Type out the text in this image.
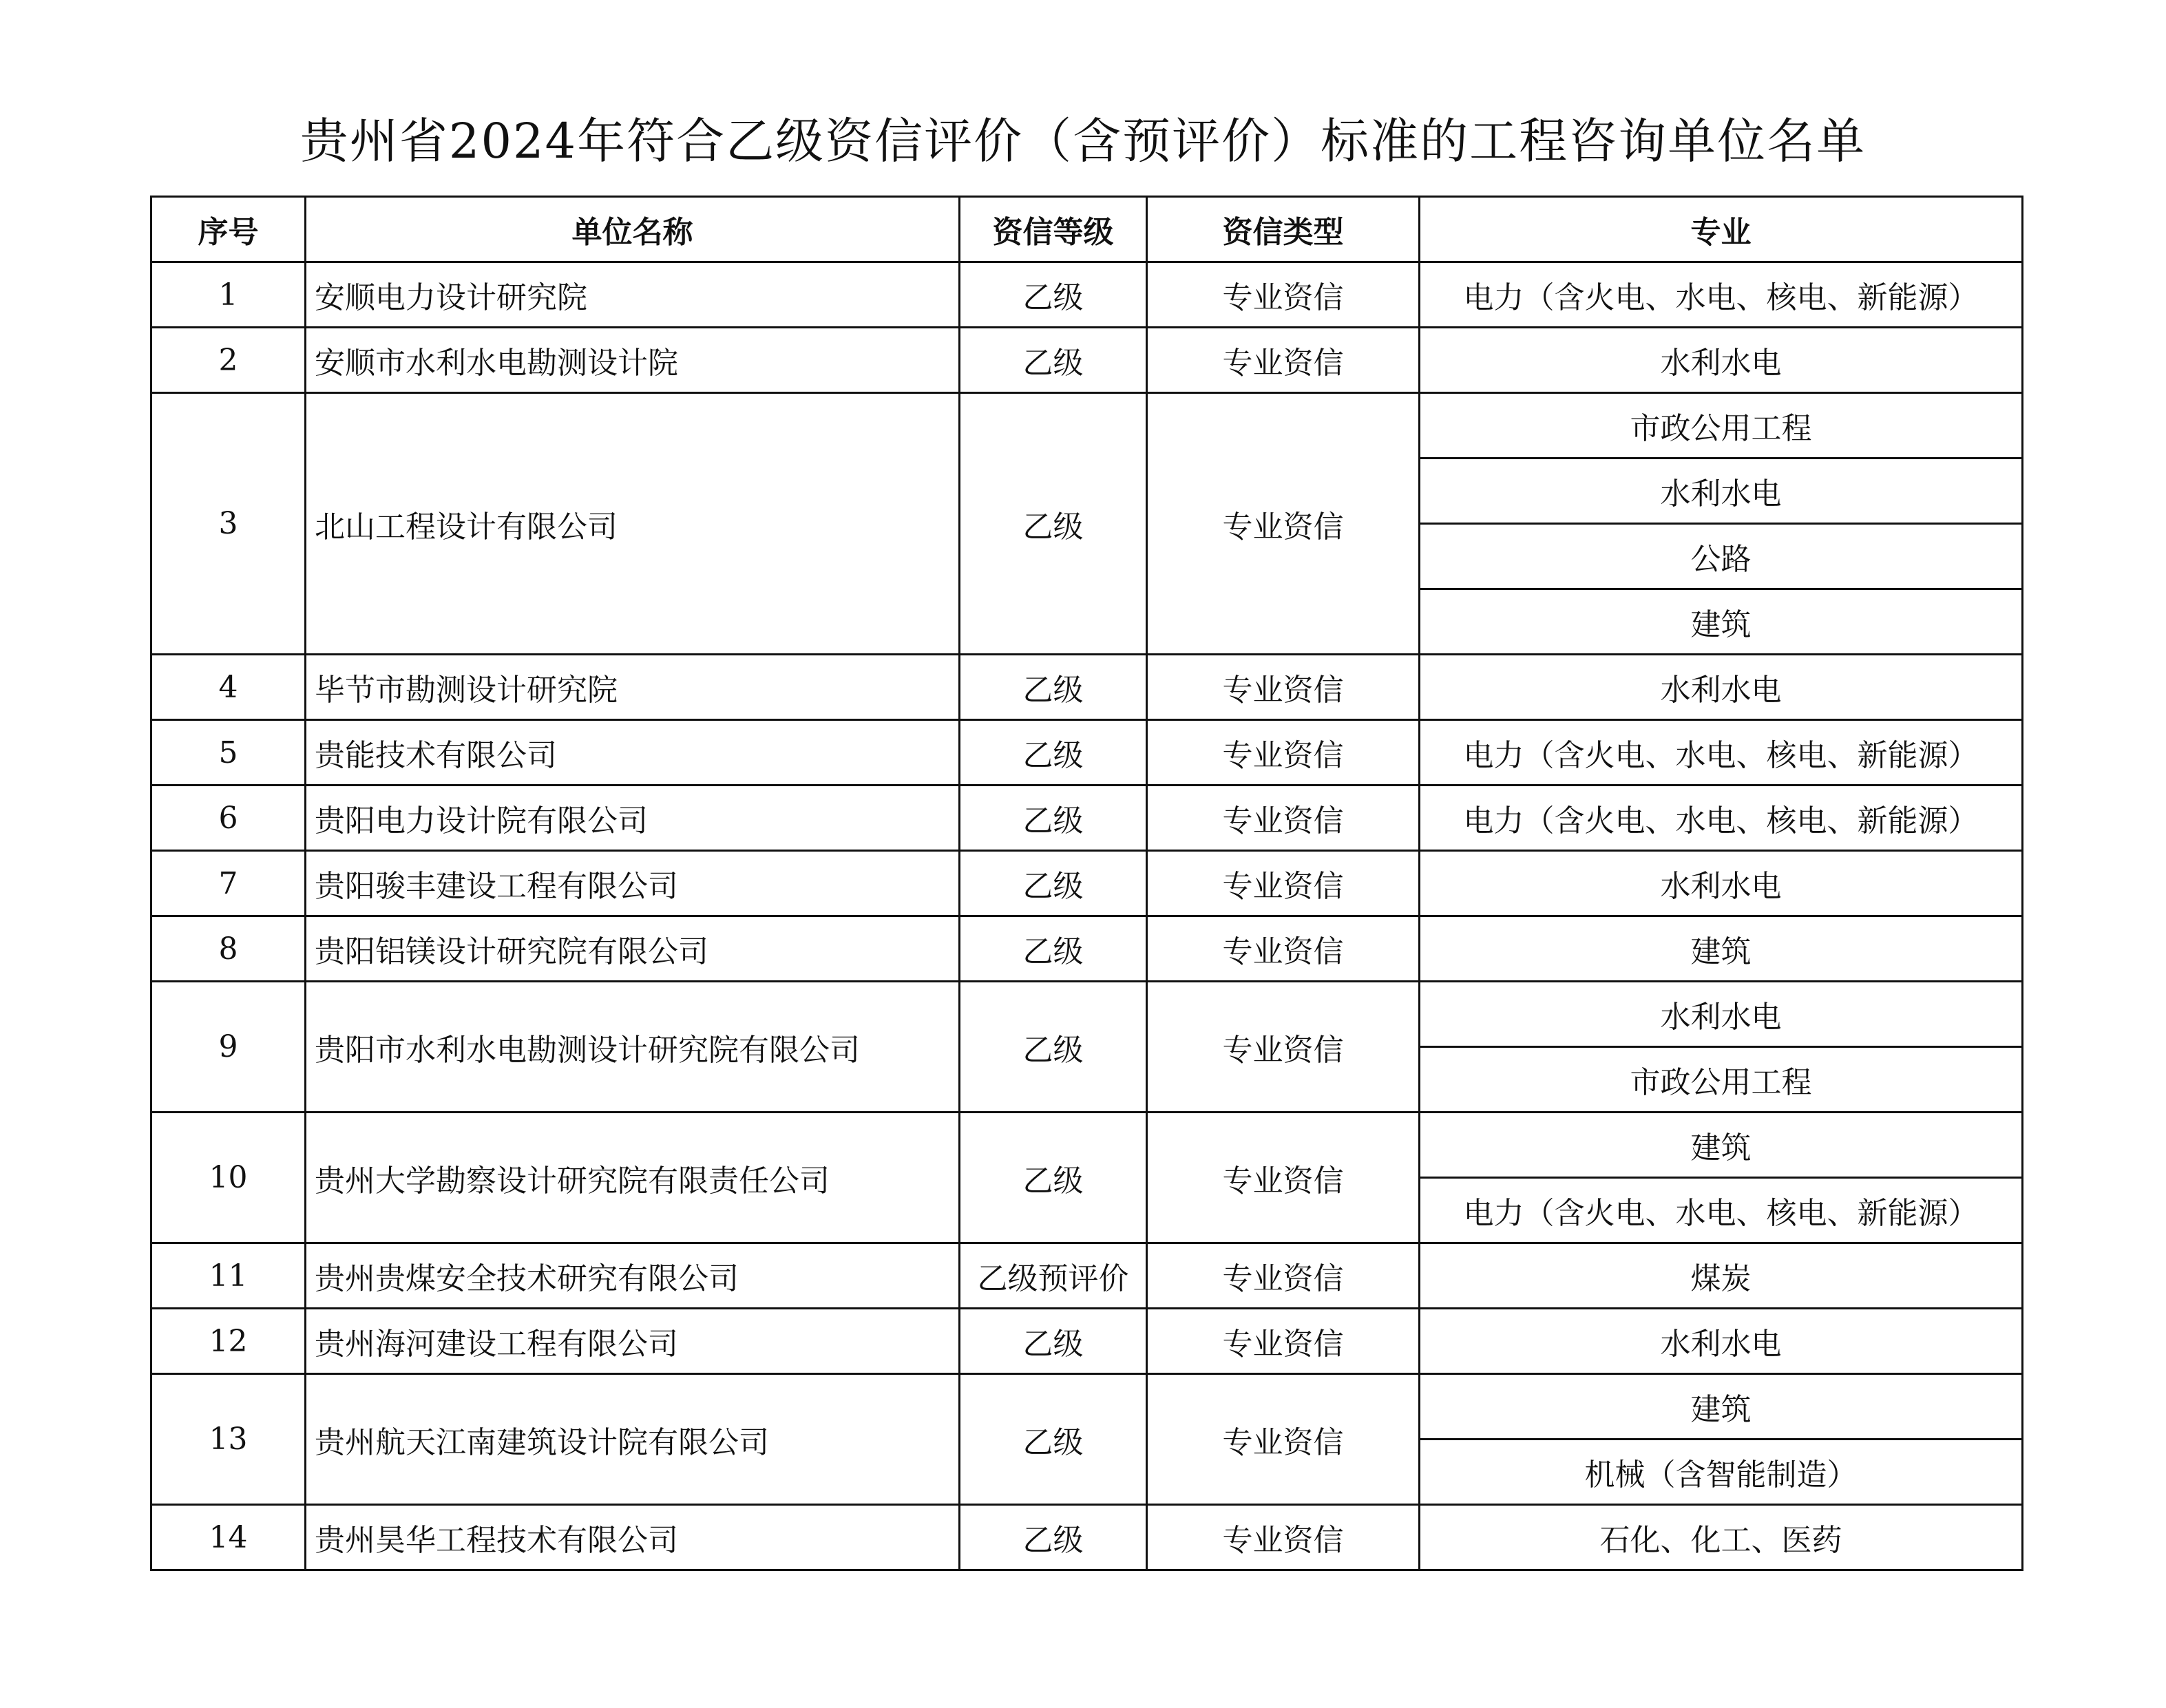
贵州省2024年符合乙级资信评价（含预评价）标准的工程咨询单位名单
序号	单位名称	资信等级	资信类型	专业
1	安顺电力设计研究院	乙级	专业资信	电力（含火电、水电、核电、新能源）
2	安顺市水利水电勘测设计院	乙级	专业资信	水利水电
3	北山工程设计有限公司	乙级	专业资信	市政公用工程
				水利水电
				公路
				建筑
4	毕节市勘测设计研究院	乙级	专业资信	水利水电
5	贵能技术有限公司	乙级	专业资信	电力（含火电、水电、核电、新能源）
6	贵阳电力设计院有限公司	乙级	专业资信	电力（含火电、水电、核电、新能源）
7	贵阳骏丰建设工程有限公司	乙级	专业资信	水利水电
8	贵阳铝镁设计研究院有限公司	乙级	专业资信	建筑
9	贵阳市水利水电勘测设计研究院有限公司	乙级	专业资信	水利水电
				市政公用工程
10	贵州大学勘察设计研究院有限责任公司	乙级	专业资信	建筑
				电力（含火电、水电、核电、新能源）
11	贵州贵煤安全技术研究有限公司	乙级预评价	专业资信	煤炭
12	贵州海河建设工程有限公司	乙级	专业资信	水利水电
13	贵州航天江南建筑设计院有限公司	乙级	专业资信	建筑
				机械（含智能制造）
14	贵州昊华工程技术有限公司	乙级	专业资信	石化、化工、医药
